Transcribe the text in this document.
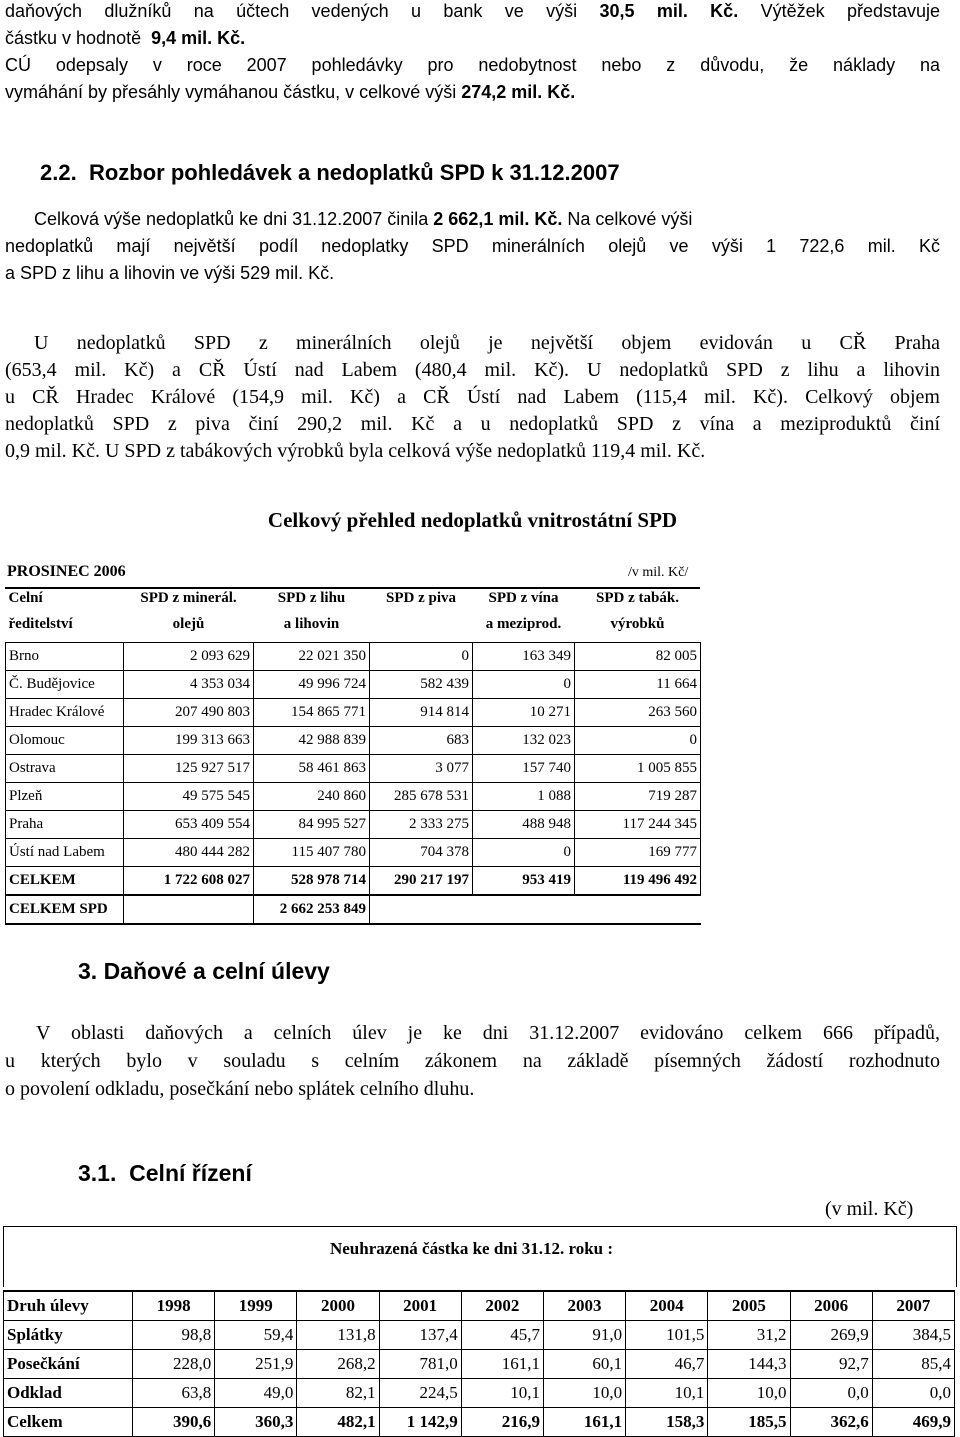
daňových dlužníků na účtech vedených u bank ve výši 30,5 mil. Kč. Výtěžek představuje

částku v hodnotě 9,4 mil. Kč.

CÚ odepsaly v roce 2007 pohledávky pro nedobytnost nebo z důvodu, že náklady na

vymáhání by přesáhly vymáhanou částku, v celkové výši 274,2 mil. Kč.

2.2. Rozbor pohledávek a nedoplatků SPD k 31.12.2007

Celková výše nedoplatků ke dni 31.12.2007 činila 2 662,1 mil. Kč. Na celkové výši

nedoplatků mají největší podíl nedoplatky SPD minerálních olejů ve výši 1 722,6 mil. Kč

a SPD z lihu a lihovin ve výši 529 mil. Kč.

U nedoplatků SPD z minerálních olejů je největší objem evidován u CŘ Praha

(653,4 mil. Kč) a CŘ Ústí nad Labem (480,4 mil. Kč). U nedoplatků SPD z lihu a lihovin

u CŘ Hradec Králové (154,9 mil. Kč) a CŘ Ústí nad Labem (115,4 mil. Kč). Celkový objem

nedoplatků SPD z piva činí 290,2 mil. Kč a u nedoplatků SPD z vína a meziproduktů činí

0,9 mil. Kč. U SPD z tabákových výrobků byla celková výše nedoplatků 119,4 mil. Kč.

Celkový přehled nedoplatků vnitrostátní SPD
PROSINEC 2006	/v mil. Kč/
Celní	SPD z minerál.	SPD z lihu	SPD z piva	SPD z vína	SPD z tabák.
ředitelství	olejů	a lihovin		a meziprod.	výrobků
Brno	2 093 629	22 021 350	0	163 349	82 005
Č. Budějovice	4 353 034	49 996 724	582 439	0	11 664
Hradec Králové	207 490 803	154 865 771	914 814	10 271	263 560
Olomouc	199 313 663	42 988 839	683	132 023	0
Ostrava	125 927 517	58 461 863	3 077	157 740	1 005 855
Plzeň	49 575 545	240 860	285 678 531	1 088	719 287
Praha	653 409 554	84 995 527	2 333 275	488 948	117 244 345
Ústí nad Labem	480 444 282	115 407 780	704 378	0	169 777
CELKEM	1 722 608 027	528 978 714	290 217 197	953 419	119 496 492
CELKEM SPD		2 662 253 849			
3. Daňové a celní úlevy

V oblasti daňových a celních úlev je ke dni 31.12.2007 evidováno celkem 666 případů,

u kterých bylo v souladu s celním zákonem na základě písemných žádostí rozhodnuto

o povolení odkladu, posečkání nebo splátek celního dluhu.

3.1. Celní řízení
(v mil. Kč)
Neuhrazená částka ke dni 31.12. roku :
Druh úlevy	1998	1999	2000	2001	2002	2003	2004	2005	2006	2007
Splátky	98,8	59,4	131,8	137,4	45,7	91,0	101,5	31,2	269,9	384,5
Posečkání	228,0	251,9	268,2	781,0	161,1	60,1	46,7	144,3	92,7	85,4
Odklad	63,8	49,0	82,1	224,5	10,1	10,0	10,1	10,0	0,0	0,0
Celkem	390,6	360,3	482,1	1 142,9	216,9	161,1	158,3	185,5	362,6	469,9
